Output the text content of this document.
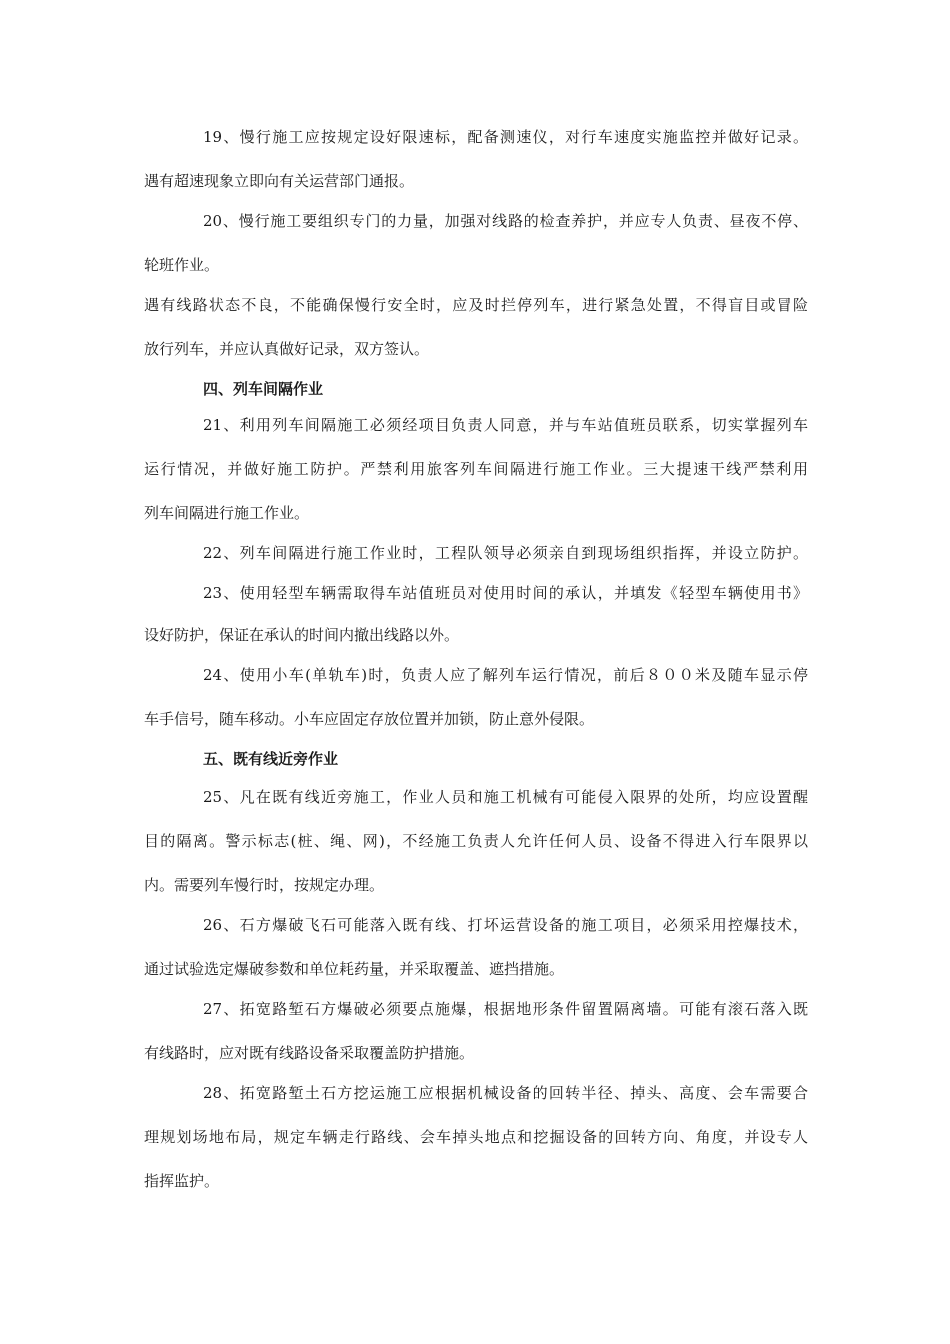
19、慢行施工应按规定设好限速标，配备测速仪，对行车速度实施监控并做好记录。
遇有超速现象立即向有关运营部门通报。
20、慢行施工要组织专门的力量，加强对线路的检查养护，并应专人负责、昼夜不停、
轮班作业。
遇有线路状态不良，不能确保慢行安全时，应及时拦停列车，进行紧急处置，不得盲目或冒险
放行列车，并应认真做好记录，双方签认。
四、列车间隔作业
21、利用列车间隔施工必须经项目负责人同意，并与车站值班员联系，切实掌握列车
运行情况，并做好施工防护。严禁利用旅客列车间隔进行施工作业。三大提速干线严禁利用
列车间隔进行施工作业。
22、列车间隔进行施工作业时，工程队领导必须亲自到现场组织指挥，并设立防护。
23、使用轻型车辆需取得车站值班员对使用时间的承认，并填发《轻型车辆使用书》
设好防护，保证在承认的时间内撤出线路以外。
24、使用小车(单轨车)时，负责人应了解列车运行情况，前后８００米及随车显示停
车手信号，随车移动。小车应固定存放位置并加锁，防止意外侵限。
五、既有线近旁作业
25、凡在既有线近旁施工，作业人员和施工机械有可能侵入限界的处所，均应设置醒
目的隔离。警示标志(桩、绳、网)，不经施工负责人允许任何人员、设备不得进入行车限界以
内。需要列车慢行时，按规定办理。
26、石方爆破飞石可能落入既有线、打坏运营设备的施工项目，必须采用控爆技术，
通过试验选定爆破参数和单位耗药量，并采取覆盖、遮挡措施。
27、拓宽路堑石方爆破必须要点施爆，根据地形条件留置隔离墙。可能有滚石落入既
有线路时，应对既有线路设备采取覆盖防护措施。
28、拓宽路堑土石方挖运施工应根据机械设备的回转半径、掉头、高度、会车需要合
理规划场地布局，规定车辆走行路线、会车掉头地点和挖掘设备的回转方向、角度，并设专人
指挥监护。
